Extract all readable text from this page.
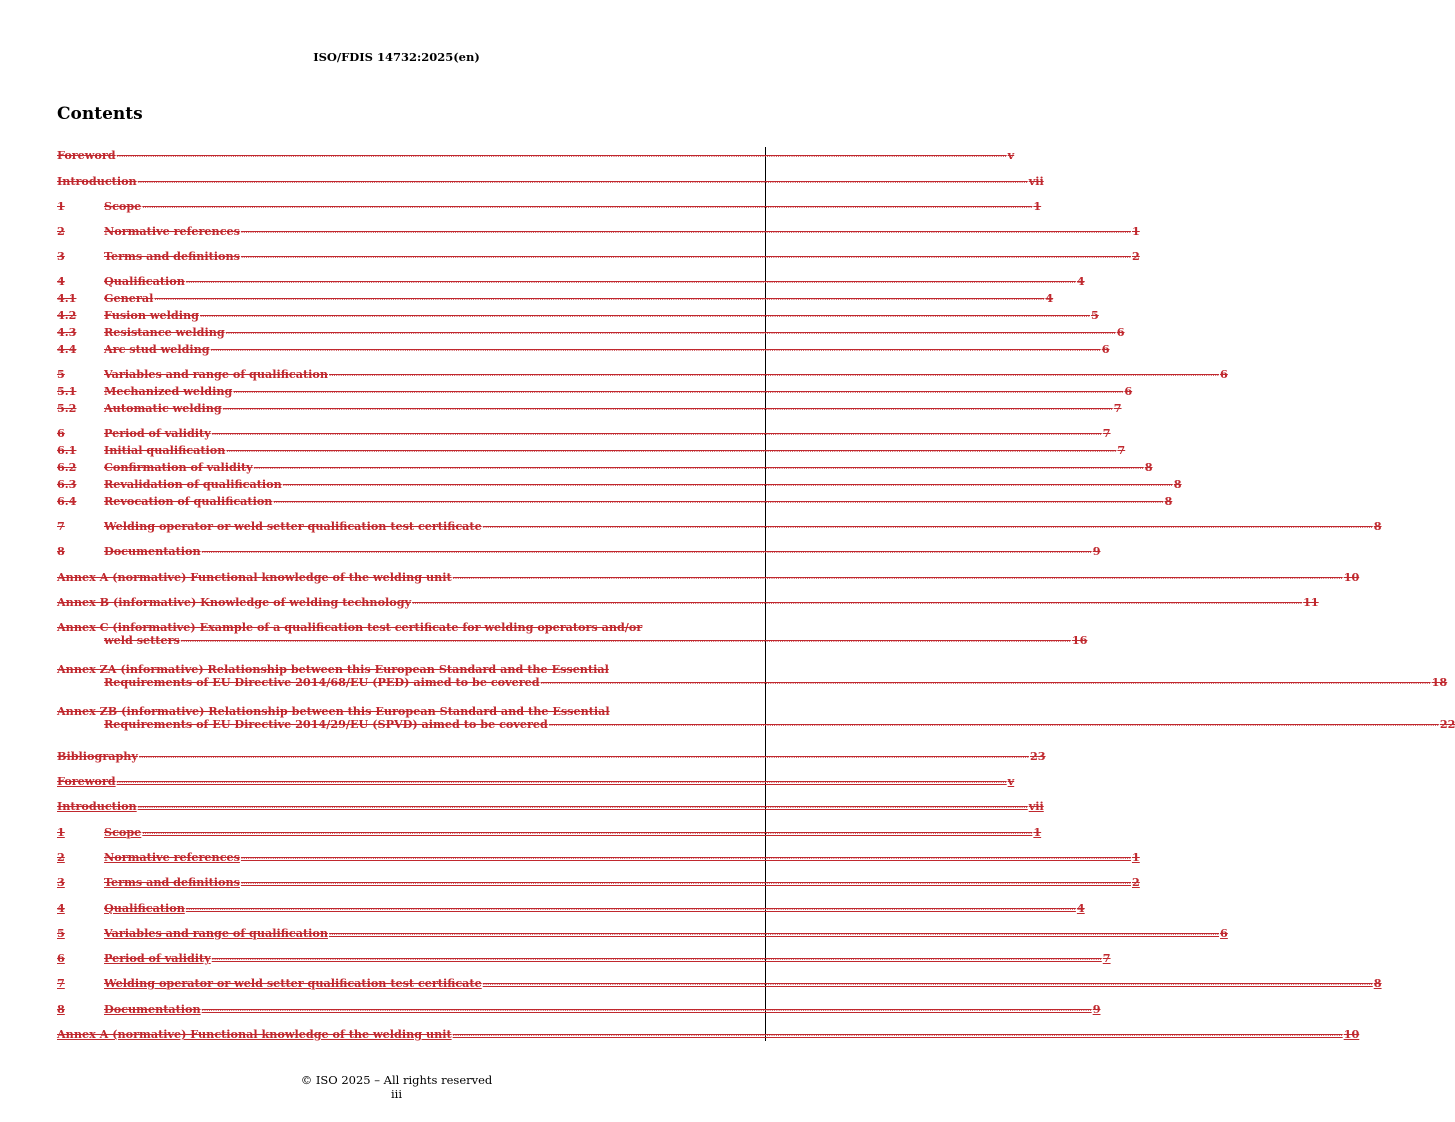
ISO/FDIS 14732:2025(en)
Contents
Foreword ................................................................................................................................................................................................................................................................................................................................................................................................................ v
Introduction ................................................................................................................................................................................................................................................................................................................................................................................................................ vii
1	Scope ................................................................................................................................................................................................................................................................................................................................................................................................................ 1
2	Normative references ................................................................................................................................................................................................................................................................................................................................................................................................................ 1
3	Terms and definitions ................................................................................................................................................................................................................................................................................................................................................................................................................ 2
4	Qualification ................................................................................................................................................................................................................................................................................................................................................................................................................ 4
4.1	General ................................................................................................................................................................................................................................................................................................................................................................................................................ 4
4.2	Fusion welding ................................................................................................................................................................................................................................................................................................................................................................................................................ 5
4.3	Resistance welding ................................................................................................................................................................................................................................................................................................................................................................................................................ 6
4.4	Arc stud welding ................................................................................................................................................................................................................................................................................................................................................................................................................ 6
5	Variables and range of qualification ................................................................................................................................................................................................................................................................................................................................................................................................................ 6
5.1	Mechanized welding ................................................................................................................................................................................................................................................................................................................................................................................................................ 6
5.2	Automatic welding ................................................................................................................................................................................................................................................................................................................................................................................................................ 7
6	Period of validity ................................................................................................................................................................................................................................................................................................................................................................................................................ 7
6.1	Initial qualification ................................................................................................................................................................................................................................................................................................................................................................................................................ 7
6.2	Confirmation of validity ................................................................................................................................................................................................................................................................................................................................................................................................................ 8
6.3	Revalidation of qualification ................................................................................................................................................................................................................................................................................................................................................................................................................ 8
6.4	Revocation of qualification ................................................................................................................................................................................................................................................................................................................................................................................................................ 8
7	Welding operator or weld setter qualification test certificate ................................................................................................................................................................................................................................................................................................................................................................................................................ 8
8	Documentation ................................................................................................................................................................................................................................................................................................................................................................................................................ 9
Annex A (normative) Functional knowledge of the welding unit ................................................................................................................................................................................................................................................................................................................................................................................................................ 10
Annex B (informative) Knowledge of welding technology ................................................................................................................................................................................................................................................................................................................................................................................................................ 11
Annex C (informative) Example of a qualification test certificate for welding operators and/or
weld setters ................................................................................................................................................................................................................................................................................................................................................................................................................ 16
Annex ZA (informative) Relationship between this European Standard and the Essential
Requirements of EU Directive 2014/68/EU (PED) aimed to be covered ................................................................................................................................................................................................................................................................................................................................................................................................................ 18
Annex ZB (informative) Relationship between this European Standard and the Essential
Requirements of EU Directive 2014/29/EU (SPVD) aimed to be covered ................................................................................................................................................................................................................................................................................................................................................................................................................ 22
Bibliography ................................................................................................................................................................................................................................................................................................................................................................................................................ 23
Foreword ................................................................................................................................................................................................................................................................................................................................................................................................................ v
Introduction ................................................................................................................................................................................................................................................................................................................................................................................................................ vii
1	Scope ................................................................................................................................................................................................................................................................................................................................................................................................................ 1
2	Normative references ................................................................................................................................................................................................................................................................................................................................................................................................................ 1
3	Terms and definitions ................................................................................................................................................................................................................................................................................................................................................................................................................ 2
4	Qualification ................................................................................................................................................................................................................................................................................................................................................................................................................ 4
5	Variables and range of qualification ................................................................................................................................................................................................................................................................................................................................................................................................................ 6
6	Period of validity ................................................................................................................................................................................................................................................................................................................................................................................................................ 7
7	Welding operator or weld setter qualification test certificate ................................................................................................................................................................................................................................................................................................................................................................................................................ 8
8	Documentation ................................................................................................................................................................................................................................................................................................................................................................................................................ 9
Annex A (normative) Functional knowledge of the welding unit ................................................................................................................................................................................................................................................................................................................................................................................................................ 10
© ISO 2025 – All rights reserved
iii
